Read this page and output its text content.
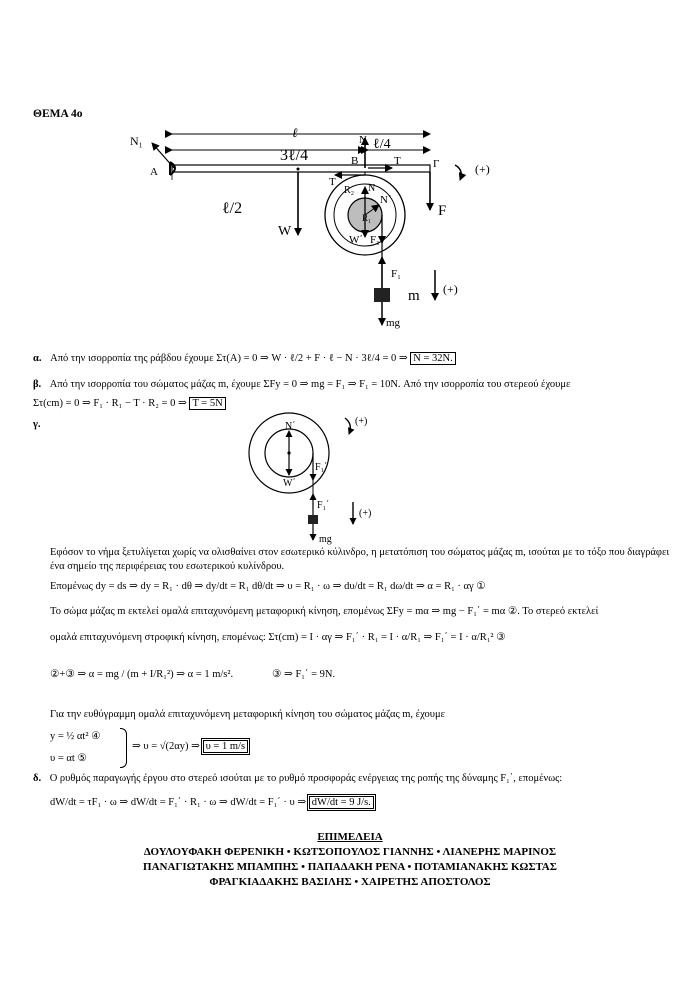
ΘΕΜΑ 4ο
N₁
A
ℓ
3ℓ/4
ℓ/4
N
B	T	Γ	(+)
ℓ/2
T
R₂ N
N΄
R₁	F
W
W΄ F₁
F₁
m (+)
mg
α. Από την ισορροπία της ράβδου έχουμε Στ(A) = 0 ⇒ W · ℓ/2 + F · ℓ − N · 3ℓ/4 = 0 ⇒ N = 32N.
β. Από την ισορροπία του σώματος μάζας m, έχουμε ΣFy = 0 ⇒ mg = F₁ ⇒ F₁ = 10N. Από την ισορροπία του στερεού έχουμε
Στ(cm) = 0 ⇒ F₁ · R₁ − T · R₂ = 0 ⇒ T = 5N
γ.	N΄
W΄
F₁΄
F₁΄
(+)
(+)
mg
Εφόσον το νήμα ξετυλίγεται χωρίς να ολισθαίνει στον εσωτερικό κύλινδρο, η μετατόπιση του σώματος μάζας m, ισούται με το τόξο που διαγράφει ένα σημείο της περιφέρειας του εσωτερικού κυλίνδρου.
Επομένως dy = ds ⇒ dy = R₁ · dθ ⇒ dy/dt = R₁ dθ/dt ⇒ υ = R₁ · ω ⇒ dυ/dt = R₁ dω/dt ⇒ α = R₁ · αγ ①
Το σώμα μάζας m εκτελεί ομαλά επιταχυνόμενη μεταφορική κίνηση, επομένως ΣFy = mα ⇒ mg − F₁΄ = mα ②. Το στερεό εκτελεί
ομαλά επιταχυνόμενη στροφική κίνηση, επομένως: Στ(cm) = I · αγ ⇒ F₁΄ · R₁ = I · α/R₁ ⇒ F₁΄ = I · α/R₁² ③
②+③ ⇒ α = mg / (m + I/R₁²) ⇒ α = 1 m/s².	③ ⇒ F₁΄ = 9N.
Για την ευθύγραμμη ομαλά επιταχυνόμενη μεταφορική κίνηση του σώματος μάζας m, έχουμε
y = ½ αt² ④
υ = αt ⑤
⇒ υ = √(2αy) ⇒ υ = 1 m/s
δ. Ο ρυθμός παραγωγής έργου στο στερεό ισούται με το ρυθμό προσφοράς ενέργειας της ροπής της δύναμης F₁΄, επομένως:
dW/dt = τF₁ · ω ⇒ dW/dt = F₁΄ · R₁ · ω ⇒ dW/dt = F₁΄ · υ ⇒ dW/dt = 9 J/s.
ΕΠΙΜΕΛΕΙΑ
ΔΟΥΛΟΥΦΑΚΗ ΦΕΡΕΝΙΚΗ • ΚΩΤΣΟΠΟΥΛΟΣ ΓΙΑΝΝΗΣ • ΛΙΑΝΕΡΗΣ ΜΑΡΙΝΟΣ
ΠΑΝΑΓΙΩΤΑΚΗΣ ΜΠΑΜΠΗΣ • ΠΑΠΑΔΑΚΗ ΡΕΝΑ • ΠΟΤΑΜΙΑΝΑΚΗΣ ΚΩΣΤΑΣ
ΦΡΑΓΚΙΑΔΑΚΗΣ ΒΑΣΙΛΗΣ • ΧΑΙΡΕΤΗΣ ΑΠΟΣΤΟΛΟΣ
